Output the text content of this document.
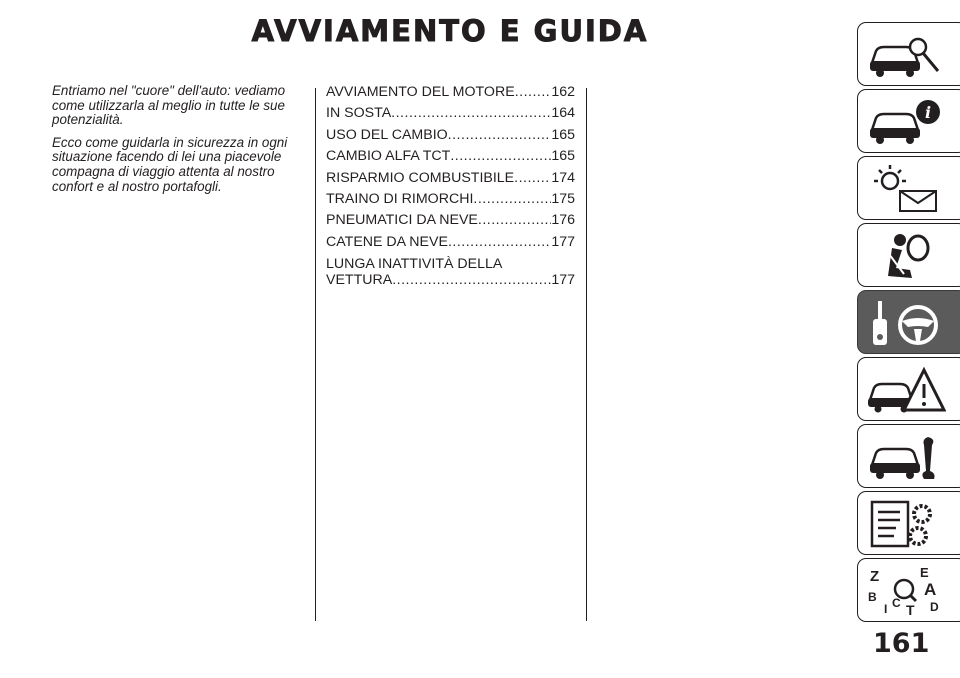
AVVIAMENTO E GUIDA

Entriamo nel "cuore" dell'auto: vediamo come utilizzarla al meglio in tutte le sue potenzialità.

Ecco come guidarla in sicurezza in ogni situazione facendo di lei una piacevole compagna di viaggio attenta al nostro confort e al nostro portafogli.

AVVIAMENTO DEL MOTORE .....	162
IN SOSTA .....	164
USO DEL CAMBIO .....	165
CAMBIO ALFA TCT .....	165
RISPARMIO COMBUSTIBILE .....	174
TRAINO DI RIMORCHI .....	175
PNEUMATICI DA NEVE .....	176
CATENE DA NEVE .....	177
LUNGA INATTIVITÀ DELLA
VETTURA .....	177
i
Z	E
B	A
I C T D
161
